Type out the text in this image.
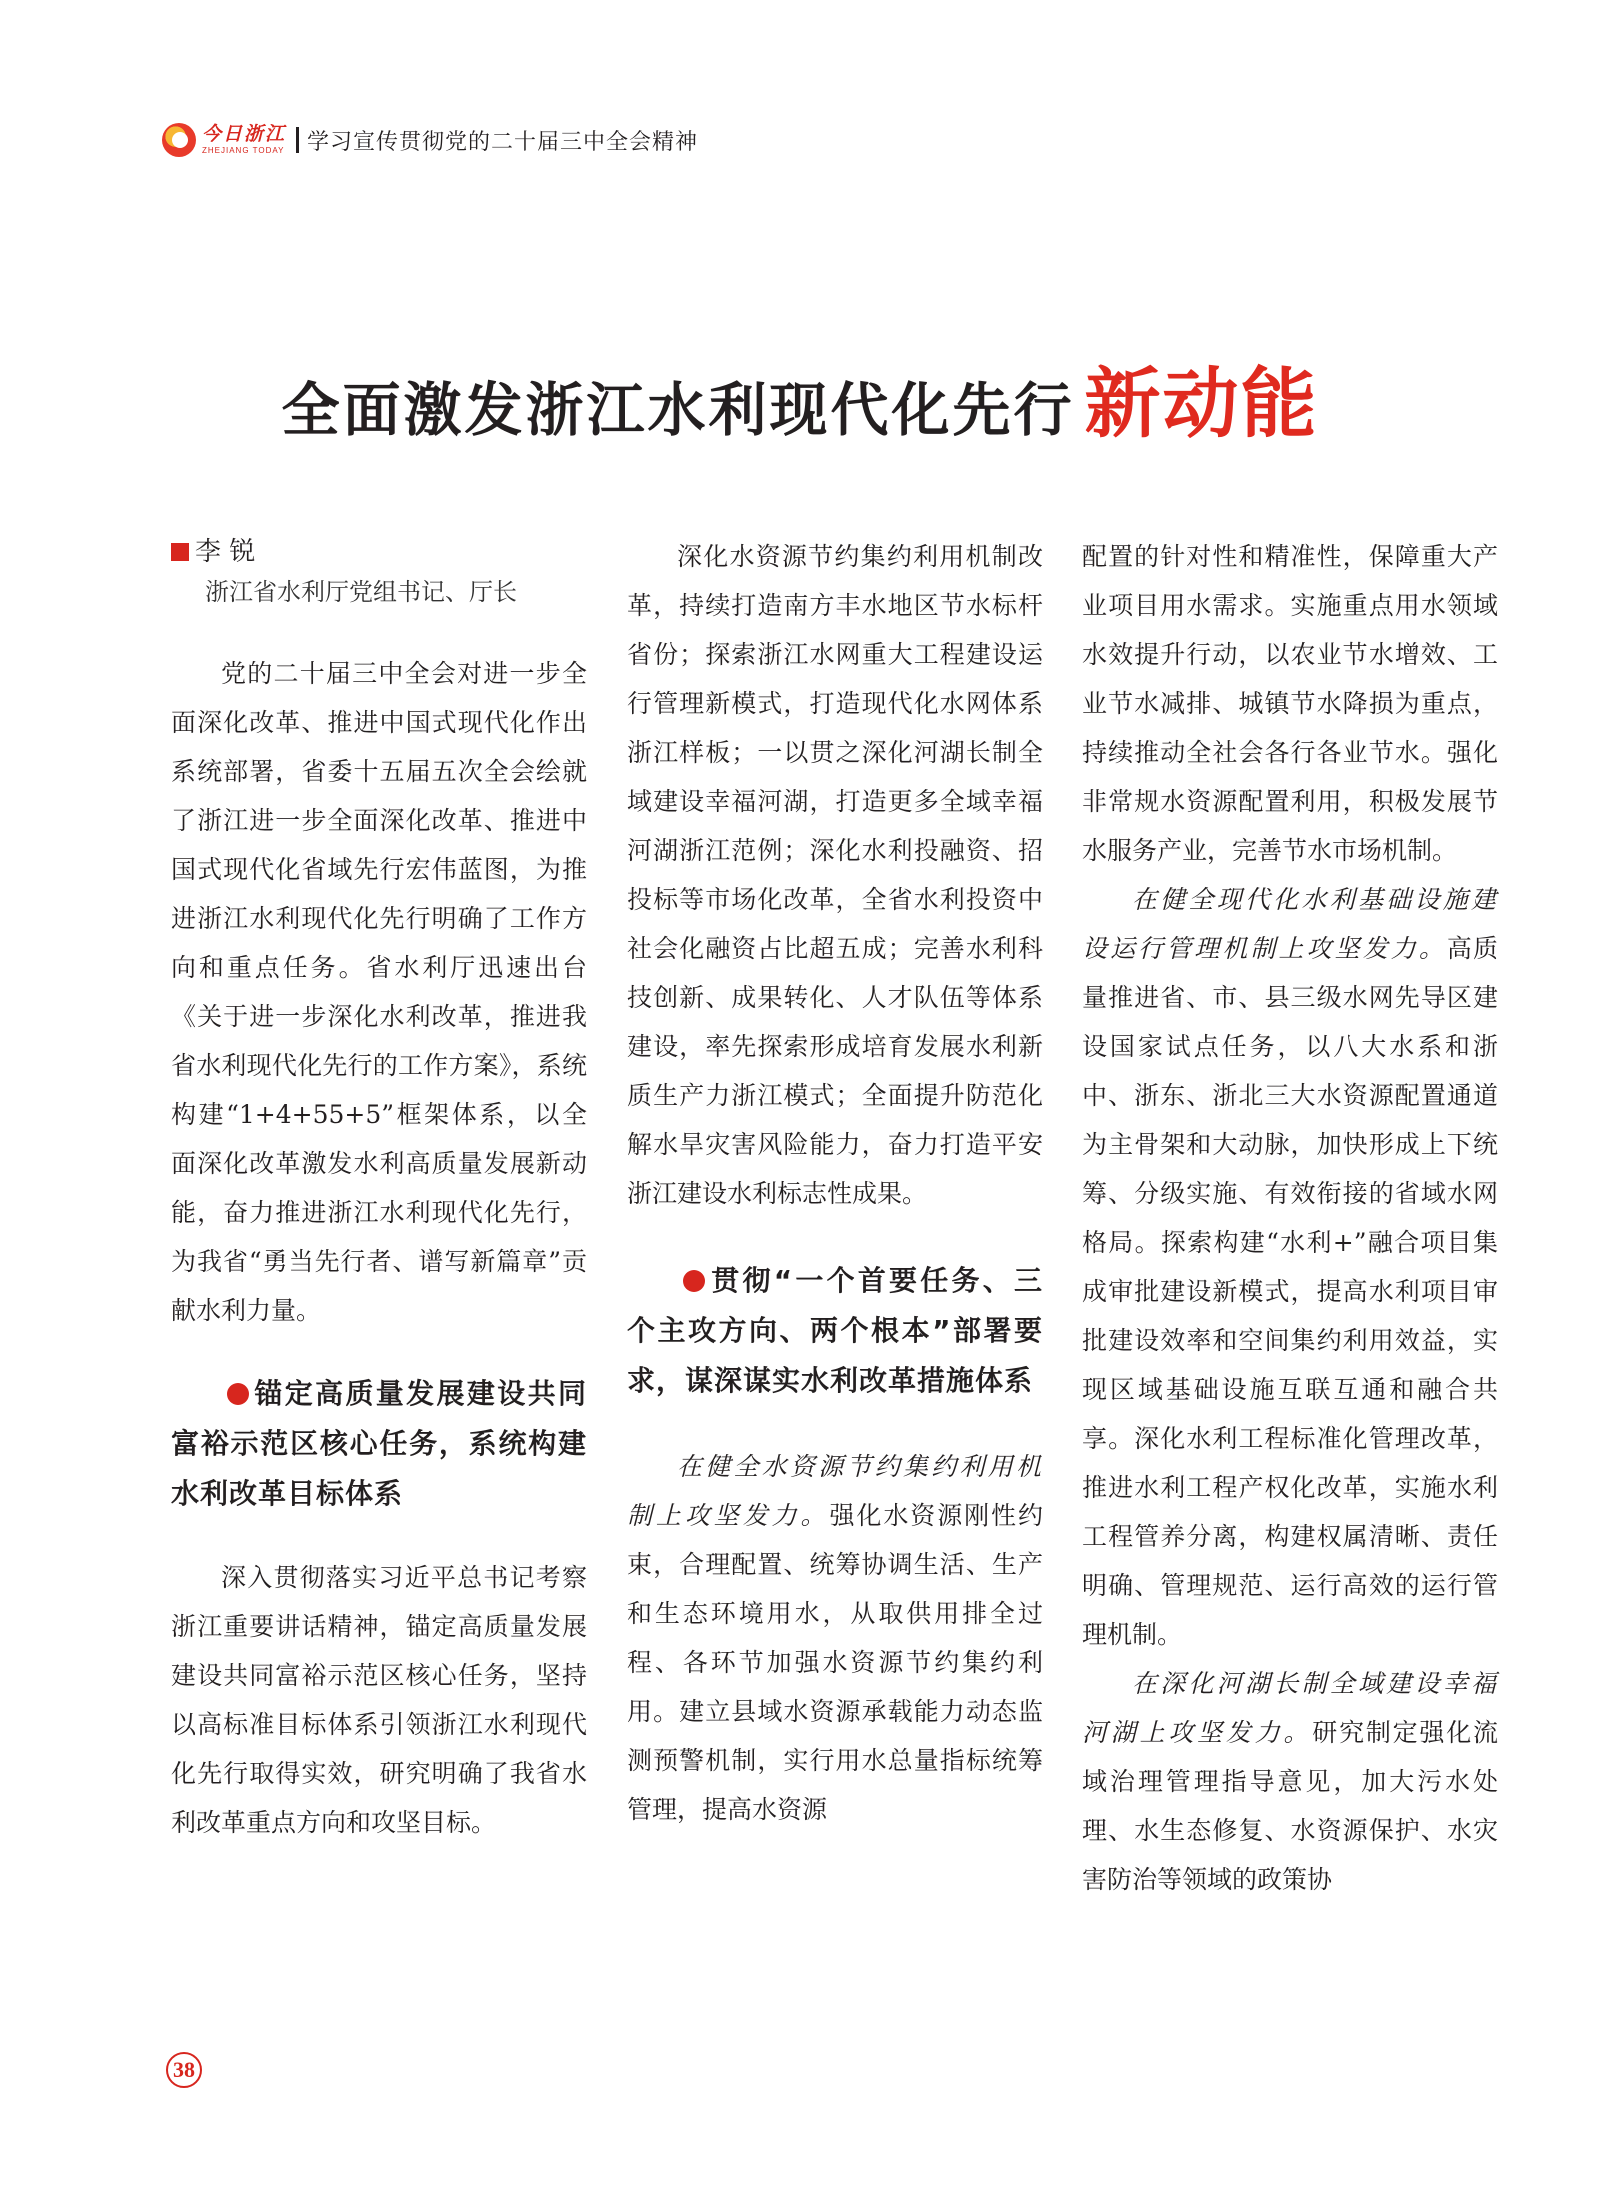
今日浙江
ZHEJIANG TODAY 学习宣传贯彻党的二十届三中全会精神
全面激发浙江水利现代化先行 新动能
李 锐
浙江省水利厅党组书记、厅长

党的二十届三中全会对进一步全面深化改革、推进中国式现代化作出系统部署，省委十五届五次全会绘就了浙江进一步全面深化改革、推进中国式现代化省域先行宏伟蓝图，为推进浙江水利现代化先行明确了工作方向和重点任务。省水利厅迅速出台《关于进一步深化水利改革，推进我省水利现代化先行的工作方案》，系统构建“1+4+55+5”框架体系，以全面深化改革激发水利高质量发展新动能，奋力推进浙江水利现代化先行，为我省“勇当先行者、谱写新篇章”贡献水利力量。

锚定高质量发展建设共同富裕示范区核心任务，系统构建水利改革目标体系

深入贯彻落实习近平总书记考察浙江重要讲话精神，锚定高质量发展建设共同富裕示范区核心任务，坚持以高标准目标体系引领浙江水利现代化先行取得实效，研究明确了我省水利改革重点方向和攻坚目标。

深化水资源节约集约利用机制改革，持续打造南方丰水地区节水标杆省份；探索浙江水网重大工程建设运行管理新模式，打造现代化水网体系浙江样板；一以贯之深化河湖长制全域建设幸福河湖，打造更多全域幸福河湖浙江范例；深化水利投融资、招投标等市场化改革，全省水利投资中社会化融资占比超五成；完善水利科技创新、成果转化、人才队伍等体系建设，率先探索形成培育发展水利新质生产力浙江模式；全面提升防范化解水旱灾害风险能力，奋力打造平安浙江建设水利标志性成果。

贯彻“一个首要任务、三个主攻方向、两个根本”部署要求，谋深谋实水利改革措施体系

在健全水资源节约集约利用机制上攻坚发力。强化水资源刚性约束，合理配置、统筹协调生活、生产和生态环境用水，从取供用排全过程、各环节加强水资源节约集约利用。建立县域水资源承载能力动态监测预警机制，实行用水总量指标统筹管理，提高水资源

配置的针对性和精准性，保障重大产业项目用水需求。实施重点用水领域水效提升行动，以农业节水增效、工业节水减排、城镇节水降损为重点，持续推动全社会各行各业节水。强化非常规水资源配置利用，积极发展节水服务产业，完善节水市场机制。

在健全现代化水利基础设施建设运行管理机制上攻坚发力。高质量推进省、市、县三级水网先导区建设国家试点任务，以八大水系和浙中、浙东、浙北三大水资源配置通道为主骨架和大动脉，加快形成上下统筹、分级实施、有效衔接的省域水网格局。探索构建“水利+”融合项目集成审批建设新模式，提高水利项目审批建设效率和空间集约利用效益，实现区域基础设施互联互通和融合共享。深化水利工程标准化管理改革，推进水利工程产权化改革，实施水利工程管养分离，构建权属清晰、责任明确、管理规范、运行高效的运行管理机制。

在深化河湖长制全域建设幸福河湖上攻坚发力。研究制定强化流域治理管理指导意见，加大污水处理、水生态修复、水资源保护、水灾害防治等领域的政策协

38
